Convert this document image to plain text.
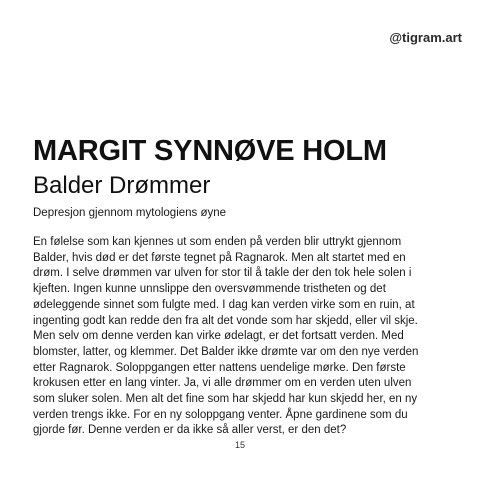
@tigram.art
MARGIT SYNNØVE HOLM
Balder Drømmer
Depresjon gjennom mytologiens øyne
En følelse som kan kjennes ut som enden på verden blir uttrykt gjennom
Balder, hvis død er det første tegnet på Ragnarok. Men alt startet med en
drøm. I selve drømmen var ulven for stor til å takle der den tok hele solen i
kjeften. Ingen kunne unnslippe den oversvømmende tristheten og det
ødeleggende sinnet som fulgte med. I dag kan verden virke som en ruin, at
ingenting godt kan redde den fra alt det vonde som har skjedd, eller vil skje.
Men selv om denne verden kan virke ødelagt, er det fortsatt verden. Med
blomster, latter, og klemmer. Det Balder ikke drømte var om den nye verden
etter Ragnarok. Soloppgangen etter nattens uendelige mørke. Den første
krokusen etter en lang vinter. Ja, vi alle drømmer om en verden uten ulven
som sluker solen. Men alt det fine som har skjedd har kun skjedd her, en ny
verden trengs ikke. For en ny soloppgang venter. Åpne gardinene som du
gjorde før. Denne verden er da ikke så aller verst, er den det?
15
